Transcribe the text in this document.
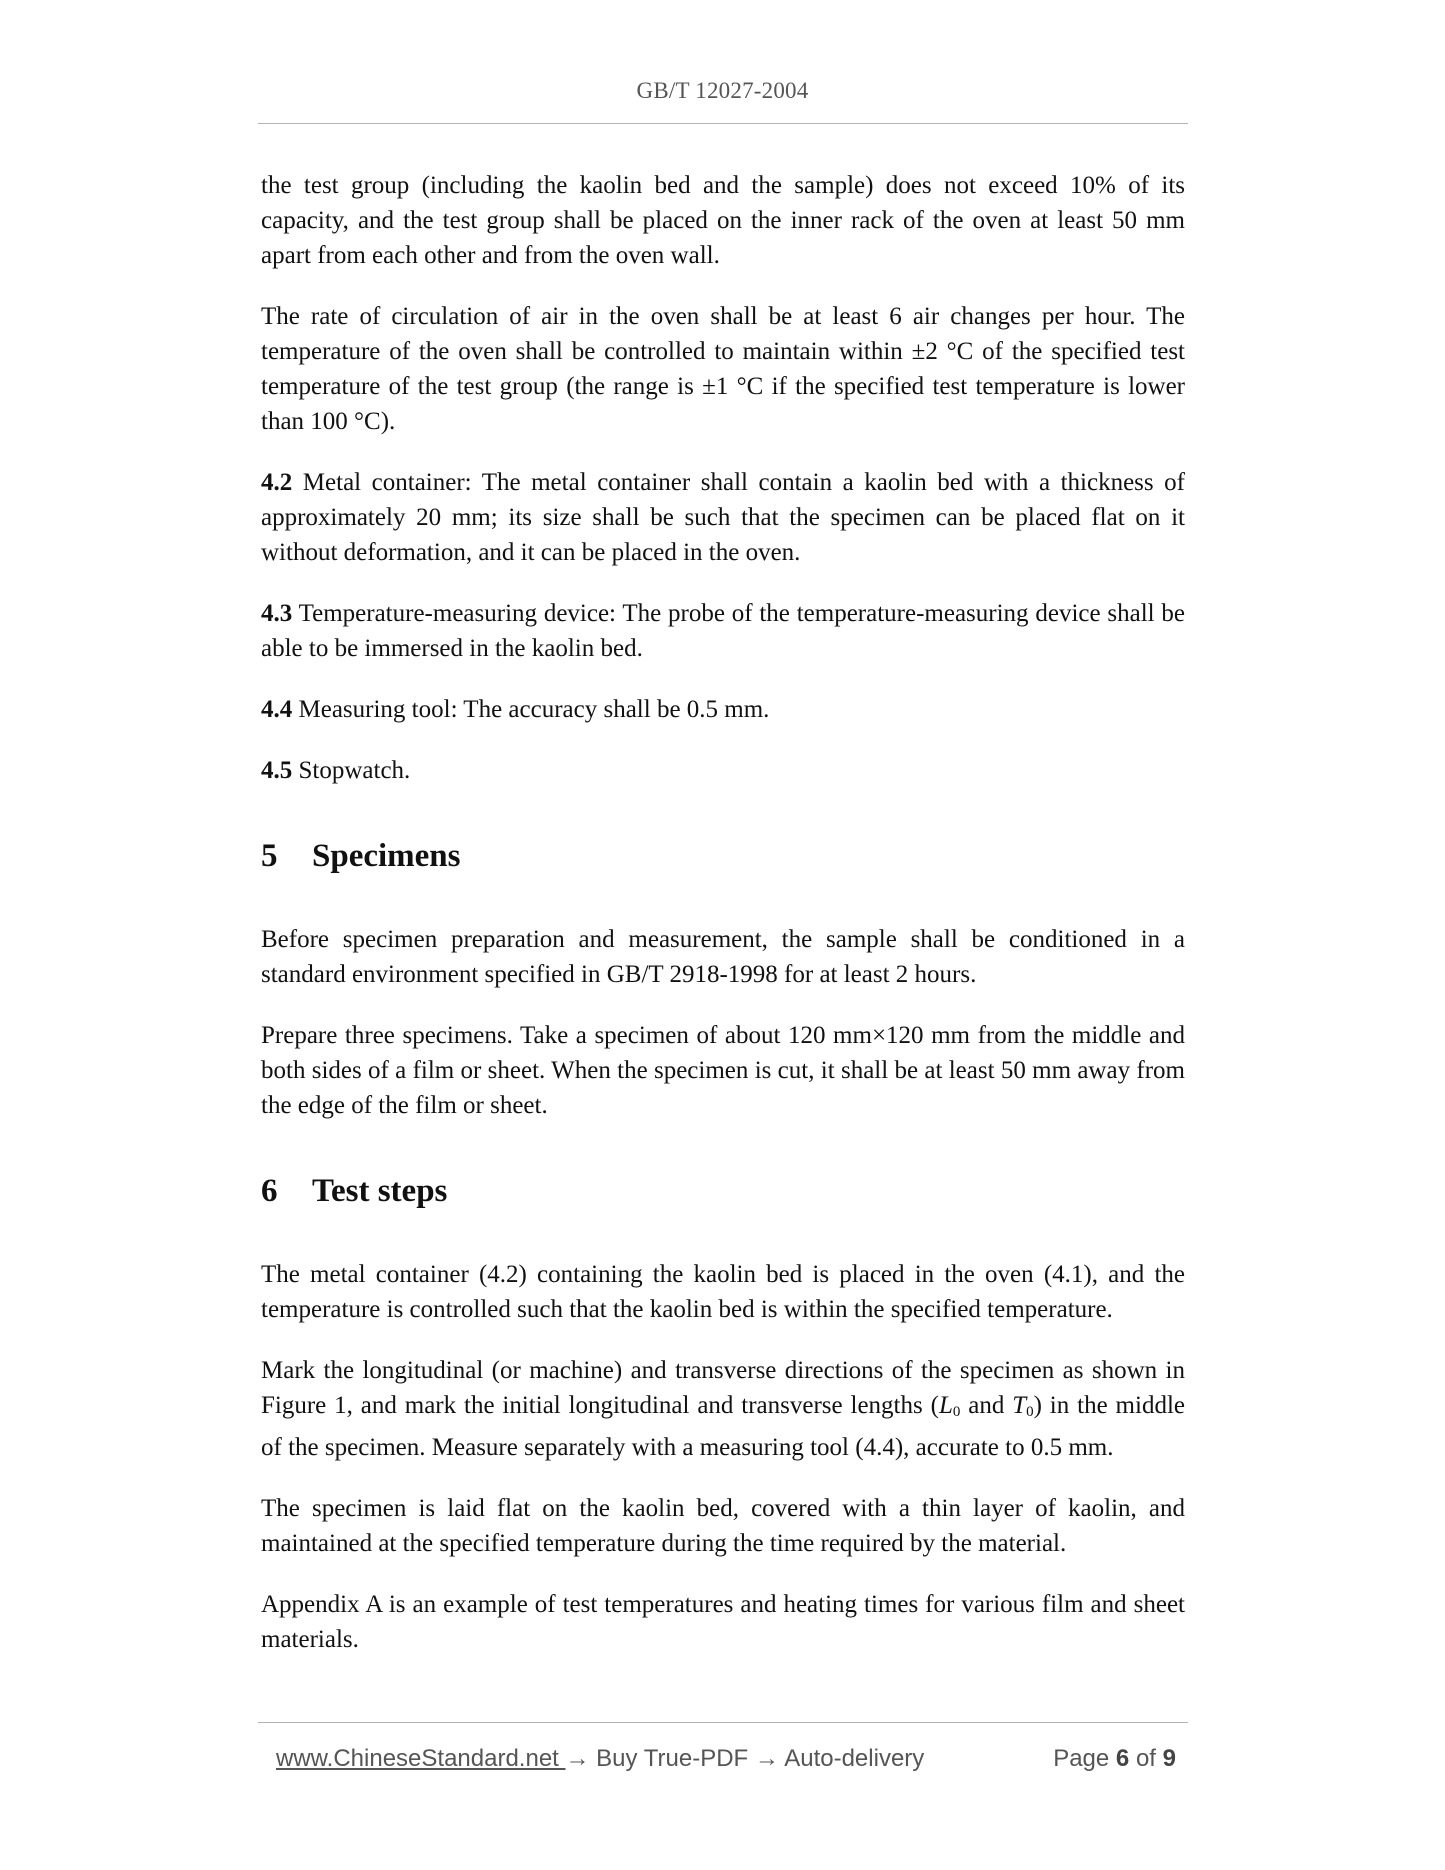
GB/T 12027-2004

the test group (including the kaolin bed and the sample) does not exceed 10% of its capacity, and the test group shall be placed on the inner rack of the oven at least 50 mm apart from each other and from the oven wall.

The rate of circulation of air in the oven shall be at least 6 air changes per hour. The temperature of the oven shall be controlled to maintain within ±2 °C of the specified test temperature of the test group (the range is ±1 °C if the specified test temperature is lower than 100 °C).

4.2 Metal container: The metal container shall contain a kaolin bed with a thickness of approximately 20 mm; its size shall be such that the specimen can be placed flat on it without deformation, and it can be placed in the oven.

4.3 Temperature-measuring device: The probe of the temperature-measuring device shall be able to be immersed in the kaolin bed.

4.4 Measuring tool: The accuracy shall be 0.5 mm.

4.5 Stopwatch.

5 Specimens

Before specimen preparation and measurement, the sample shall be conditioned in a standard environment specified in GB/T 2918-1998 for at least 2 hours.

Prepare three specimens. Take a specimen of about 120 mm×120 mm from the middle and both sides of a film or sheet. When the specimen is cut, it shall be at least 50 mm away from the edge of the film or sheet.

6 Test steps

The metal container (4.2) containing the kaolin bed is placed in the oven (4.1), and the temperature is controlled such that the kaolin bed is within the specified temperature.

Mark the longitudinal (or machine) and transverse directions of the specimen as shown in Figure 1, and mark the initial longitudinal and transverse lengths ($L_0$ and $T_0$) in the middle of the specimen. Measure separately with a measuring tool (4.4), accurate to 0.5 mm.

The specimen is laid flat on the kaolin bed, covered with a thin layer of kaolin, and maintained at the specified temperature during the time required by the material.

Appendix A is an example of test temperatures and heating times for various film and sheet materials.

www.ChineseStandard.net → Buy True-PDF → Auto-delivery	Page 6 of 9
